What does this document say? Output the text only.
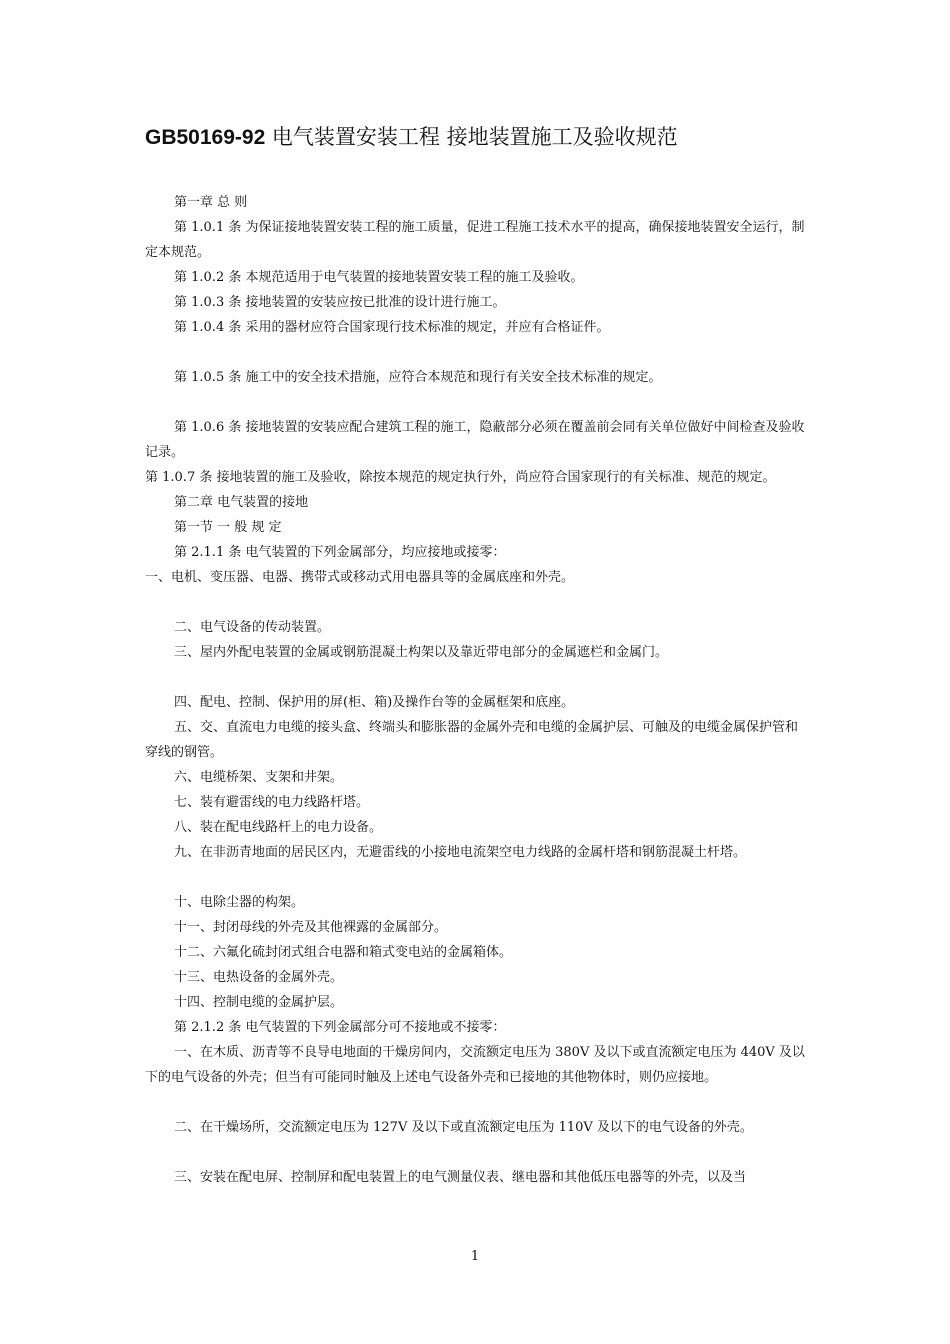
GB50169-92 电气装置安装工程 接地装置施工及验收规范

第一章 总 则

第 1.0.1 条 为保证接地装置安装工程的施工质量，促进工程施工技术水平的提高，确保接地装置安全运行，制定本规范。

第 1.0.2 条 本规范适用于电气装置的接地装置安装工程的施工及验收。

第 1.0.3 条 接地装置的安装应按已批准的设计进行施工。

第 1.0.4 条 采用的器材应符合国家现行技术标准的规定，并应有合格证件。

第 1.0.5 条 施工中的安全技术措施，应符合本规范和现行有关安全技术标准的规定。

第 1.0.6 条 接地装置的安装应配合建筑工程的施工，隐蔽部分必须在覆盖前会同有关单位做好中间检查及验收记录。

第 1.0.7 条 接地装置的施工及验收，除按本规范的规定执行外，尚应符合国家现行的有关标准、规范的规定。

第二章 电气装置的接地

第一节 一 般 规 定

第 2.1.1 条 电气装置的下列金属部分，均应接地或接零：

一、电机、变压器、电器、携带式或移动式用电器具等的金属底座和外壳。

二、电气设备的传动装置。

三、屋内外配电装置的金属或钢筋混凝土构架以及靠近带电部分的金属遮栏和金属门。

四、配电、控制、保护用的屏(柜、箱)及操作台等的金属框架和底座。

五、交、直流电力电缆的接头盒、终端头和膨胀器的金属外壳和电缆的金属护层、可触及的电缆金属保护管和穿线的钢管。

六、电缆桥架、支架和井架。

七、装有避雷线的电力线路杆塔。

八、装在配电线路杆上的电力设备。

九、在非沥青地面的居民区内，无避雷线的小接地电流架空电力线路的金属杆塔和钢筋混凝土杆塔。

十、电除尘器的构架。

十一、封闭母线的外壳及其他裸露的金属部分。

十二、六氟化硫封闭式组合电器和箱式变电站的金属箱体。

十三、电热设备的金属外壳。

十四、控制电缆的金属护层。

第 2.1.2 条 电气装置的下列金属部分可不接地或不接零：

一、在木质、沥青等不良导电地面的干燥房间内，交流额定电压为 380V 及以下或直流额定电压为 440V 及以下的电气设备的外壳；但当有可能同时触及上述电气设备外壳和已接地的其他物体时，则仍应接地。

二、在干燥场所，交流额定电压为 127V 及以下或直流额定电压为 110V 及以下的电气设备的外壳。

三、安装在配电屏、控制屏和配电装置上的电气测量仪表、继电器和其他低压电器等的外壳，以及当

1
